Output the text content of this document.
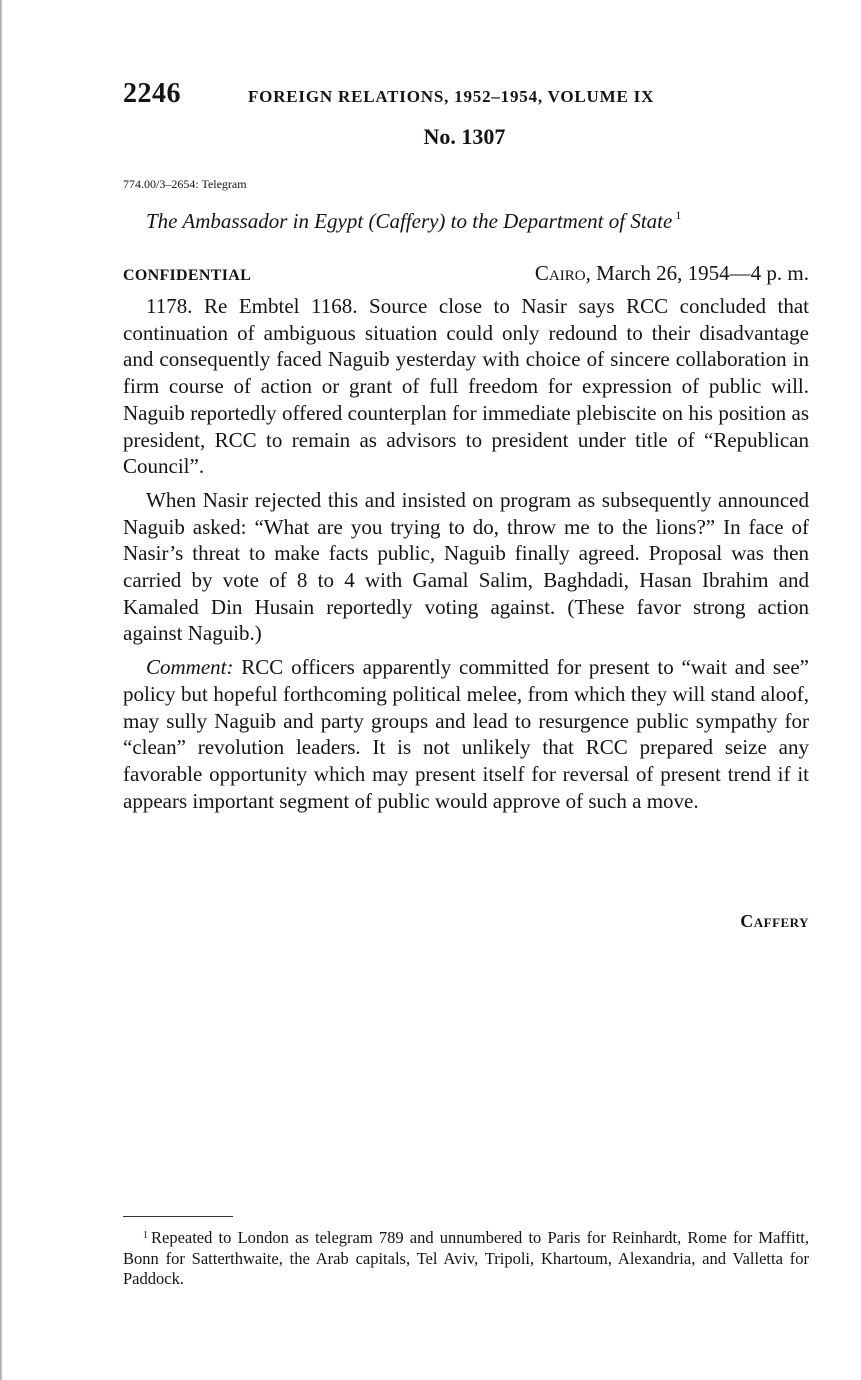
2246	FOREIGN RELATIONS, 1952–1954, VOLUME IX
No. 1307
774.00/3–2654: Telegram
The Ambassador in Egypt (Caffery) to the Department of State $^1$
CONFIDENTIAL	Cairo, March 26, 1954—4 p. m.

1178. Re Embtel 1168. Source close to Nasir says RCC concluded that continuation of ambiguous situation could only redound to their disadvantage and consequently faced Naguib yesterday with choice of sincere collaboration in firm course of action or grant of full freedom for expression of public will. Naguib reportedly offered counterplan for immediate plebiscite on his position as president, RCC to remain as advisors to president under title of “Republican Council”.

When Nasir rejected this and insisted on program as subsequently announced Naguib asked: “What are you trying to do, throw me to the lions?” In face of Nasir’s threat to make facts public, Naguib finally agreed. Proposal was then carried by vote of 8 to 4 with Gamal Salim, Baghdadi, Hasan Ibrahim and Kamaled Din Husain reportedly voting against. (These favor strong action against Naguib.)

Comment: RCC officers apparently committed for present to “wait and see” policy but hopeful forthcoming political melee, from which they will stand aloof, may sully Naguib and party groups and lead to resurgence public sympathy for “clean” revolution leaders. It is not unlikely that RCC prepared seize any favorable opportunity which may present itself for reversal of present trend if it appears important segment of public would approve of such a move.

Caffery
$^1$ Repeated to London as telegram 789 and unnumbered to Paris for Reinhardt, Rome for Maffitt, Bonn for Satterthwaite, the Arab capitals, Tel Aviv, Tripoli, Khartoum, Alexandria, and Valletta for Paddock.
